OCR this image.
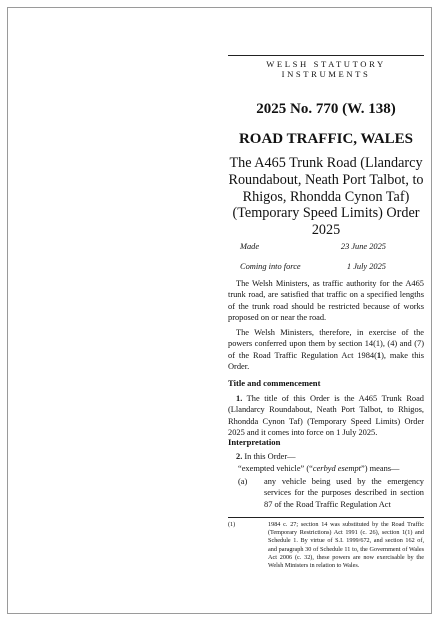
WELSH STATUTORY
INSTRUMENTS
2025 No. 770 (W. 138)
ROAD TRAFFIC, WALES
The A465 Trunk Road (Llandarcy Roundabout, Neath Port Talbot, to Rhigos, Rhondda Cynon Taf) (Temporary Speed Limits) Order 2025
Made	23 June 2025
Coming into force	1 July 2025
The Welsh Ministers, as traffic authority for the A465 trunk road, are satisfied that traffic on a specified lengths of the trunk road should be restricted because of works proposed on or near the road.
The Welsh Ministers, therefore, in exercise of the powers conferred upon them by section 14(1), (4) and (7) of the Road Traffic Regulation Act 1984(1), make this Order.
Title and commencement
1. The title of this Order is the A465 Trunk Road (Llandarcy Roundabout, Neath Port Talbot, to Rhigos, Rhondda Cynon Taf) (Temporary Speed Limits) Order 2025 and it comes into force on 1 July 2025.
Interpretation
2. In this Order—
“exempted vehicle” (“cerbyd esempt”) means—
(a)	any vehicle being used by the emergency services for the purposes described in section 87 of the Road Traffic Regulation Act
(1)	1984 c. 27; section 14 was substituted by the Road Traffic (Temporary Restrictions) Act 1991 (c. 26), section 1(1) and Schedule 1. By virtue of S.I. 1999/672, and section 162 of, and paragraph 30 of Schedule 11 to, the Government of Wales Act 2006 (c. 32), these powers are now exercisable by the Welsh Ministers in relation to Wales.
